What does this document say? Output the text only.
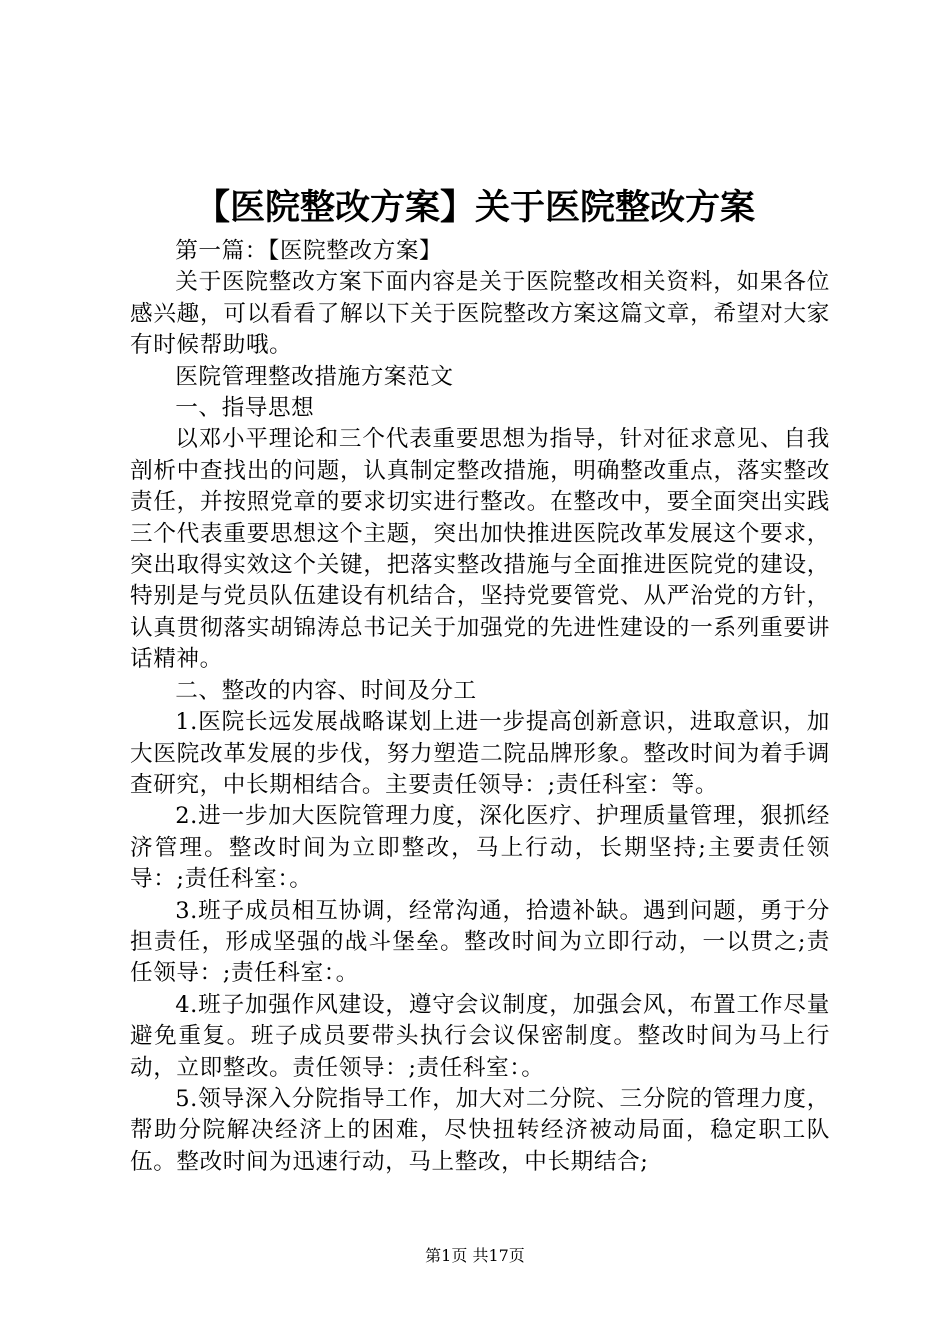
【医院整改方案】关于医院整改方案

第一篇：【医院整改方案】

关于医院整改方案下面内容是关于医院整改相关资料，如果各位感兴趣，可以看看了解以下关于医院整改方案这篇文章，希望对大家有时候帮助哦。

医院管理整改措施方案范文

一、指导思想

以邓小平理论和三个代表重要思想为指导，针对征求意见、自我剖析中查找出的问题，认真制定整改措施，明确整改重点，落实整改责任，并按照党章的要求切实进行整改。在整改中，要全面突出实践三个代表重要思想这个主题，突出加快推进医院改革发展这个要求，突出取得实效这个关键，把落实整改措施与全面推进医院党的建设，特别是与党员队伍建设有机结合，坚持党要管党、从严治党的方针，认真贯彻落实胡锦涛总书记关于加强党的先进性建设的一系列重要讲话精神。

二、整改的内容、时间及分工

1.医院长远发展战略谋划上进一步提高创新意识，进取意识，加大医院改革发展的步伐，努力塑造二院品牌形象。整改时间为着手调查研究，中长期相结合。主要责任领导：;责任科室：等。

2.进一步加大医院管理力度，深化医疗、护理质量管理，狠抓经济管理。整改时间为立即整改，马上行动，长期坚持;主要责任领导：;责任科室：。

3.班子成员相互协调，经常沟通，拾遗补缺。遇到问题，勇于分担责任，形成坚强的战斗堡垒。整改时间为立即行动，一以贯之;责任领导：;责任科室：。

4.班子加强作风建设，遵守会议制度，加强会风，布置工作尽量避免重复。班子成员要带头执行会议保密制度。整改时间为马上行动，立即整改。责任领导：;责任科室：。

5.领导深入分院指导工作，加大对二分院、三分院的管理力度，帮助分院解决经济上的困难，尽快扭转经济被动局面，稳定职工队伍。整改时间为迅速行动，马上整改，中长期结合;

第1页 共17页
